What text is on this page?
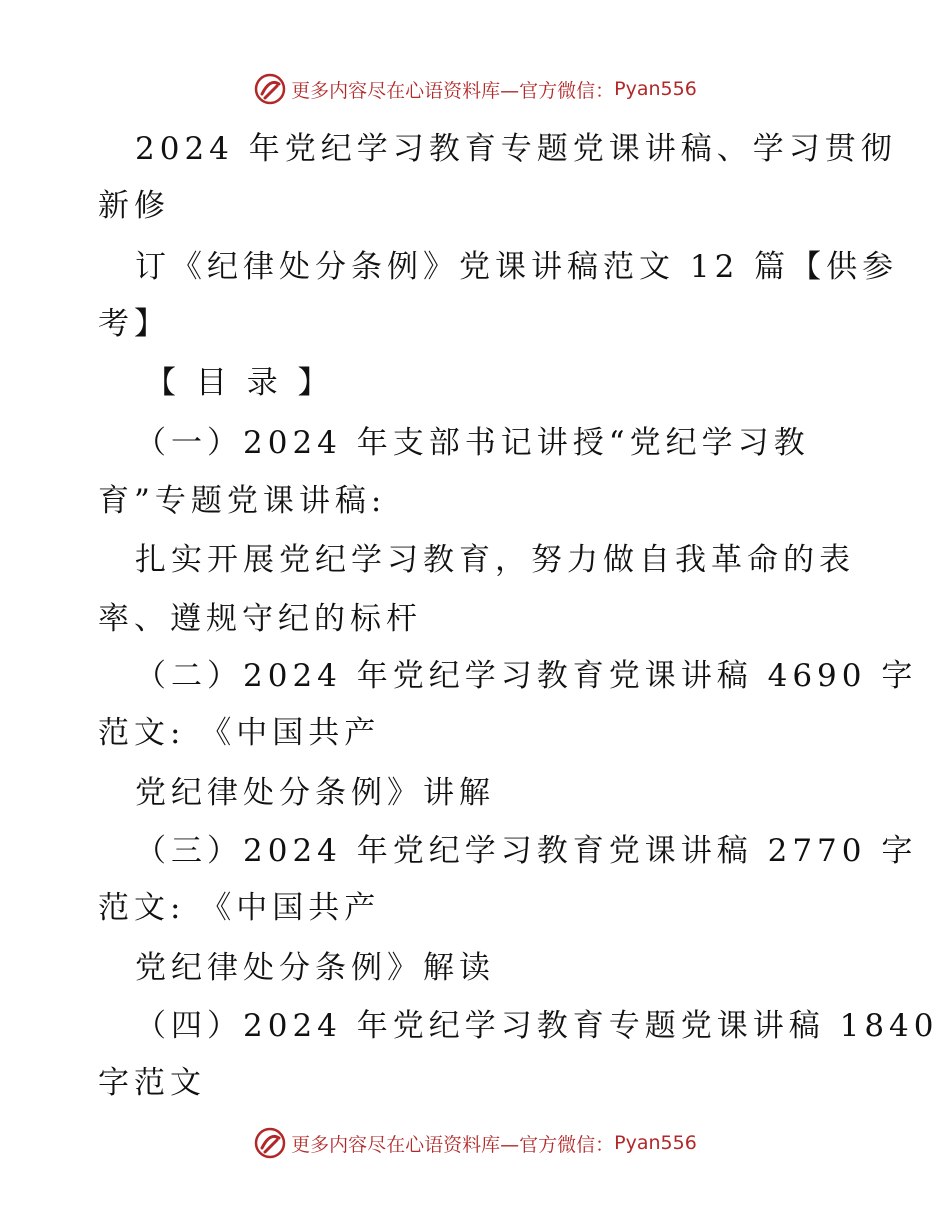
更多内容尽在心语资料库—官方微信： Pyan556
2024 年党纪学习教育专题党课讲稿、学习贯彻
新修
订《纪律处分条例》党课讲稿范文 12 篇【供参
考】
【 目 录 】
（一）2024 年支部书记讲授“党纪学习教
育”专题党课讲稿:
扎实开展党纪学习教育，努力做自我革命的表
率、遵规守纪的标杆
（二）2024 年党纪学习教育党课讲稿 4690 字
范文: 《中国共产
党纪律处分条例》讲解
（三）2024 年党纪学习教育党课讲稿 2770 字
范文: 《中国共产
党纪律处分条例》解读
（四）2024 年党纪学习教育专题党课讲稿 1840
字范文
更多内容尽在心语资料库—官方微信： Pyan556
